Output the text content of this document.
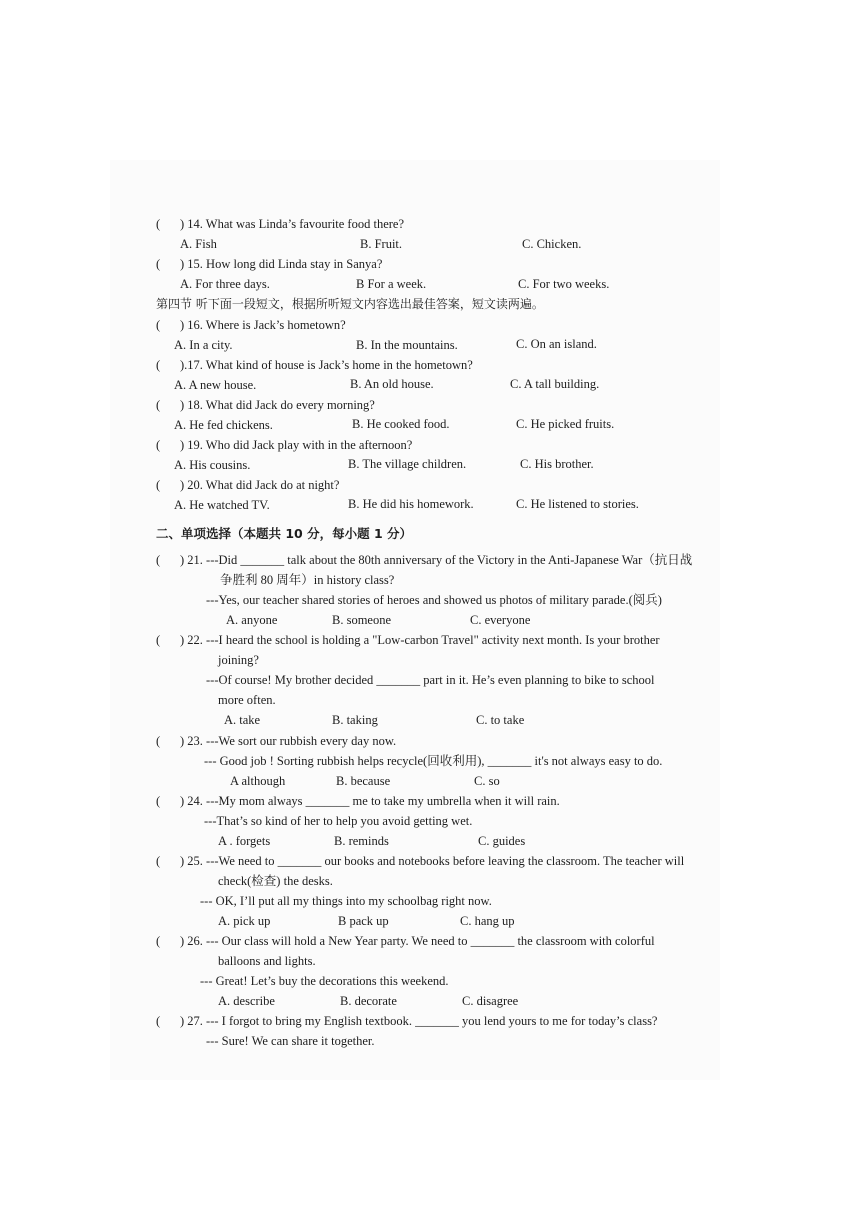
( ) 14. What was Linda’s favourite food there?
A. Fish	B. Fruit.	C. Chicken.
( ) 15. How long did Linda stay in Sanya?
A. For three days.	B For a week.	C. For two weeks.
第四节 听下面一段短文，根据所听短文内容选出最佳答案，短文读两遍。
( ) 16. Where is Jack’s hometown?
A. In a city.	B. In the mountains.	C. On an island.
( ).17. What kind of house is Jack’s home in the hometown?
A. A new house.	B. An old house.	C. A tall building.
( ) 18. What did Jack do every morning?
A. He fed chickens.	B. He cooked food.	C. He picked fruits.
( ) 19. Who did Jack play with in the afternoon?
A. His cousins.	B. The village children.	C. His brother.
( ) 20. What did Jack do at night?
A. He watched TV.	B. He did his homework.	C. He listened to stories.
二、单项选择（本题共 10 分，每小题 1 分）
( ) 21. ---Did _______ talk about the 80th anniversary of the Victory in the Anti-Japanese War（抗日战
争胜利 80 周年）in history class?
---Yes, our teacher shared stories of heroes and showed us photos of military parade.(阅兵)
A. anyone	B. someone	C. everyone
( ) 22. ---I heard the school is holding a "Low-carbon Travel" activity next month. Is your brother
joining?
---Of course! My brother decided _______ part in it. He’s even planning to bike to school
more often.
A. take	B. taking	C. to take
( ) 23. ---We sort our rubbish every day now.
--- Good job ! Sorting rubbish helps recycle(回收利用), _______ it's not always easy to do.
A although	B. because	C. so
( ) 24. ---My mom always _______ me to take my umbrella when it will rain.
---That’s so kind of her to help you avoid getting wet.
A . forgets	B. reminds	C. guides
( ) 25. ---We need to _______ our books and notebooks before leaving the classroom. The teacher will
check(检查) the desks.
--- OK, I’ll put all my things into my schoolbag right now.
A. pick up	B pack up	C. hang up
( ) 26. --- Our class will hold a New Year party. We need to _______ the classroom with colorful
balloons and lights.
--- Great! Let’s buy the decorations this weekend.
A. describe	B. decorate	C. disagree
( ) 27. --- I forgot to bring my English textbook. _______ you lend yours to me for today’s class?
--- Sure! We can share it together.
